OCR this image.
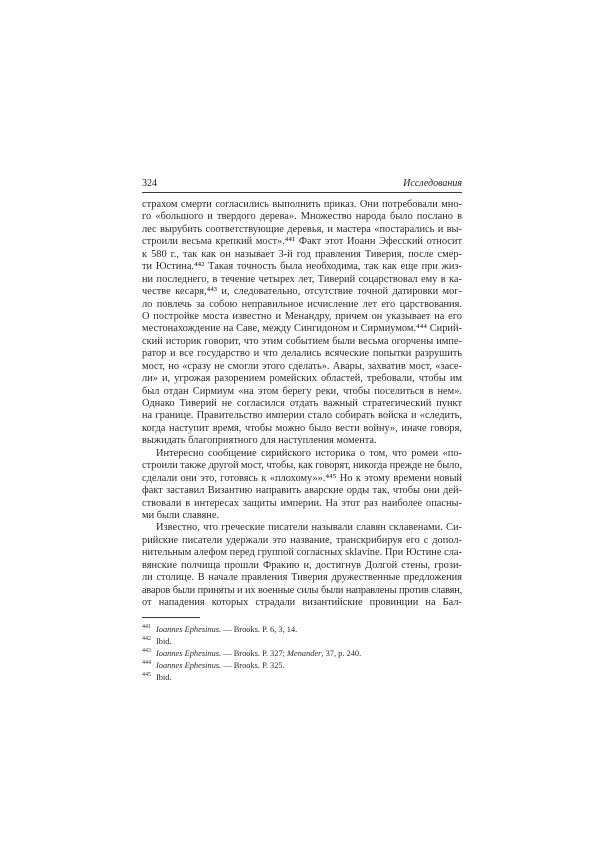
324	Исследования
страхом смерти согласились выполнить приказ. Они потребовали мно-
го «большого и твердого дерева». Множество народа было послано в
лес вырубить соответствующие деревья, и мастера «постарались и вы-
строили весьма крепкий мост».⁴⁴¹ Факт этот Иоанн Эфесский относит
к 580 г., так как он называет 3-й год правления Тиверия, после смер-
ти Юстина.⁴⁴² Такая точность была необходима, так как еще при жиз-
ни последнего, в течение четырех лет, Тиверий соцарствовал ему в ка-
честве кесаря,⁴⁴³ и, следовательно, отсутствие точной датировки мог-
ло повлечь за собою неправильное исчисление лет его царствования.
О постройке моста известно и Менандру, причем он указывает на его
местонахождение на Саве, между Сингидоном и Сирмиумом.⁴⁴⁴ Сирий-
ский историк говорит, что этим событием были весьма огорчены импе-
ратор и все государство и что делались всяческие попытки разрушить
мост, но «сразу не смогли этого сделать». Авары, захватив мост, «засе-
ли» и, угрожая разорением ромейских областей, требовали, чтобы им
был отдан Сирмиум «на этом берегу реки, чтобы поселиться в нем».
Однако Тиверий не согласился отдать важный стратегический пункт
на границе. Правительство империи стало собирать войска и «следить,
когда наступит время, чтобы можно было вести войну», иначе говоря,
выжидать благоприятного для наступления момента.
Интересно сообщение сирийского историка о том, что ромеи «по-
строили также другой мост, чтобы, как говорят, никогда прежде не было,
сделали они это, готовясь к «плохому»».⁴⁴⁵ Но к этому времени новый
факт заставил Византию направить аварские орды так, чтобы они дей-
ствовали в интересах защиты империи. На этот раз наиболее опасны-
ми были славяне.
Известно, что греческие писатели называли славян склавенами. Си-
рийские писатели удержали это название, транскрибируя его с допол-
нительным алефом перед группой согласных sklavine. При Юстине сла-
вянские полчища прошли Фракию и, достигнув Долгой стены, грози-
ли столице. В начале правления Тиверия дружественные предложения
аваров были приняты и их военные силы были направлены против славян,
от нападения которых страдали византийские провинции на Бал-
441 Ioannes Ephesinus. — Brooks. P. 6, 3, 14.
442 Ibid.
443 Ioannes Ephesinus. — Brooks. P. 327; Menander, 37, p. 240.
444 Ioannes Ephesinus. — Brooks. P. 325.
445 Ibid.
